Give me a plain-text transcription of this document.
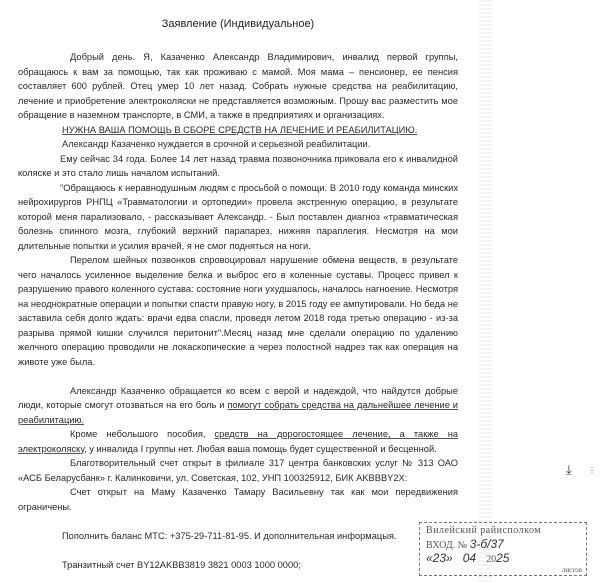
Заявление (Индивидуальное)

Добрый день. Я, Казаченко Александр Владимирович, инвалид первой группы, обращаюсь к вам за помощью, так как проживаю с мамой. Моя мама – пенсионер, ее пенсия составляет 600 рублей. Отец умер 10 лет назад. Собрать нужные средства на реабилитацию, лечение и приобретение электроколяски не представляется возможным. Прошу вас разместить мое обращение в наземном транспорте, в СМИ, а также в предприятиях и организациях.

НУЖНА ВАША ПОМОЩЬ В СБОРЕ СРЕДСТВ НА ЛЕЧЕНИЕ И РЕАБИЛИТАЦИЮ.

Александр Казаченко нуждается в срочной и серьезной реабилитации.

Ему сейчас 34 года. Более 14 лет назад травма позвоночника приковала его к инвалидной коляске и это стало лишь началом испытаний.

"Обращаюсь к неравнодушным людям с просьбой о помощи. В 2010 году команда минских нейрохирургов РНПЦ «Травматологии и ортопедии» провела экстренную операцию, в результате которой меня парализовало, - рассказывает Александр. - Был поставлен диагноз «травматическая болезнь спинного мозга, глубокий верхний парапарез, нижняя параплегия. Несмотря на мои длительные попытки и усилия врачей, я не смог подняться на ноги.

Перелом шейных позвонков спровоцировал нарушение обмена веществ, в результате чего началось усиленное выделение белка и выброс его в коленные суставы. Процесс привел к разрушению правого коленного сустава: состояние ноги ухудшалось, началось нагноение. Несмотря на неоднократные операции и попытки спасти правую ногу, в 2015 году ее ампутировали. Но беда не заставила себя долго ждать: врачи едва спасли, проведя летом 2018 года третью операцию - из-за разрыва прямой кишки случился перитонит".Месяц назад мне сделали операцию по удалению желчного операцию проводили не локаскопические а через полостной надрез так как операция на животе уже была.

Александр Казаченко обращается ко всем с верой и надеждой, что найдутся добрые люди, которые смогут отозваться на его боль и помогут собрать средства на дальнейшее лечение и реабилитацию.

Кроме небольшого пособия, средств на дорогостоящее лечение, а также на электроколяску, у инвалида I группы нет. Любая ваша помощь будет существенной и бесценной.

Благотворительный счет открыт в филиале 317 центра банковских услуг № 313 ОАО «АСБ Беларусбанк» г. Калинковичи, ул. Советская, 102, УНП 100325912, БИК AKBBBY2X:

Счет открыт на Маму Казаченко Тамару Васильевну так как мои передвижения ограничены.

Пополнить баланс МТС: +375-29-711-81-95. И дополнительная информацыя.

Транзитный счет BY12AKBB3819 3821 0003 1000 0000;

Вилейский райисполком
ВХОД. № 3-б/37
«23» 04 2025
листов
⤓ ⋮
